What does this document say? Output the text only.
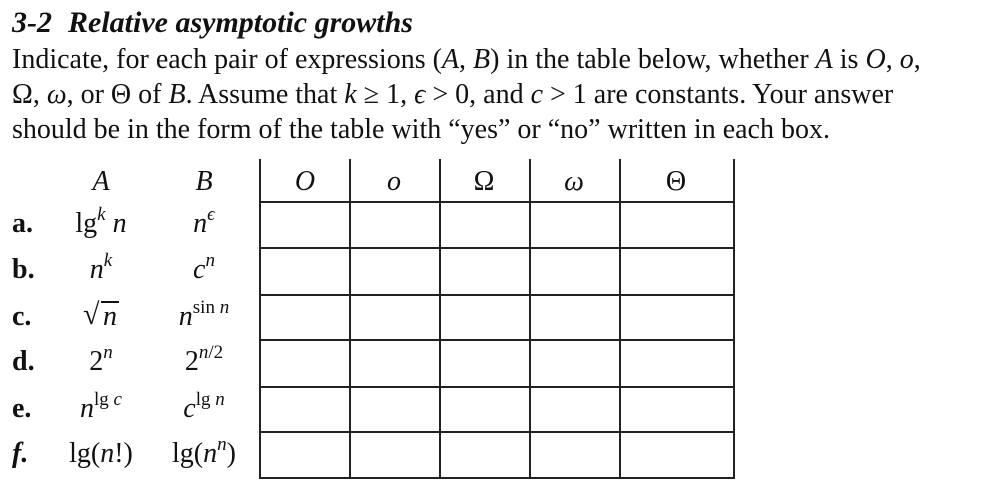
3-2 Relative asymptotic growths
Indicate, for each pair of expressions (A, B) in the table below, whether A is O, o,
Ω, ω, or Θ of B. Assume that k ≥ 1, ϵ > 0, and c > 1 are constants. Your answer
should be in the form of the table with “yes” or “no” written in each box.
A	B	O	o	Ω	ω	Θ
a.	$\lg^k n$	$n^\epsilon$
b.	$n^k$	$c^n$
c.
√	n	$n^{sin}$ $^n$
d.	2$^n$	$2^{n/2}$
e.	$n^{lg}$ $^c$	$c^{lg}$ $^n$
f.	lg(n!)	$\lg(n^n)$
